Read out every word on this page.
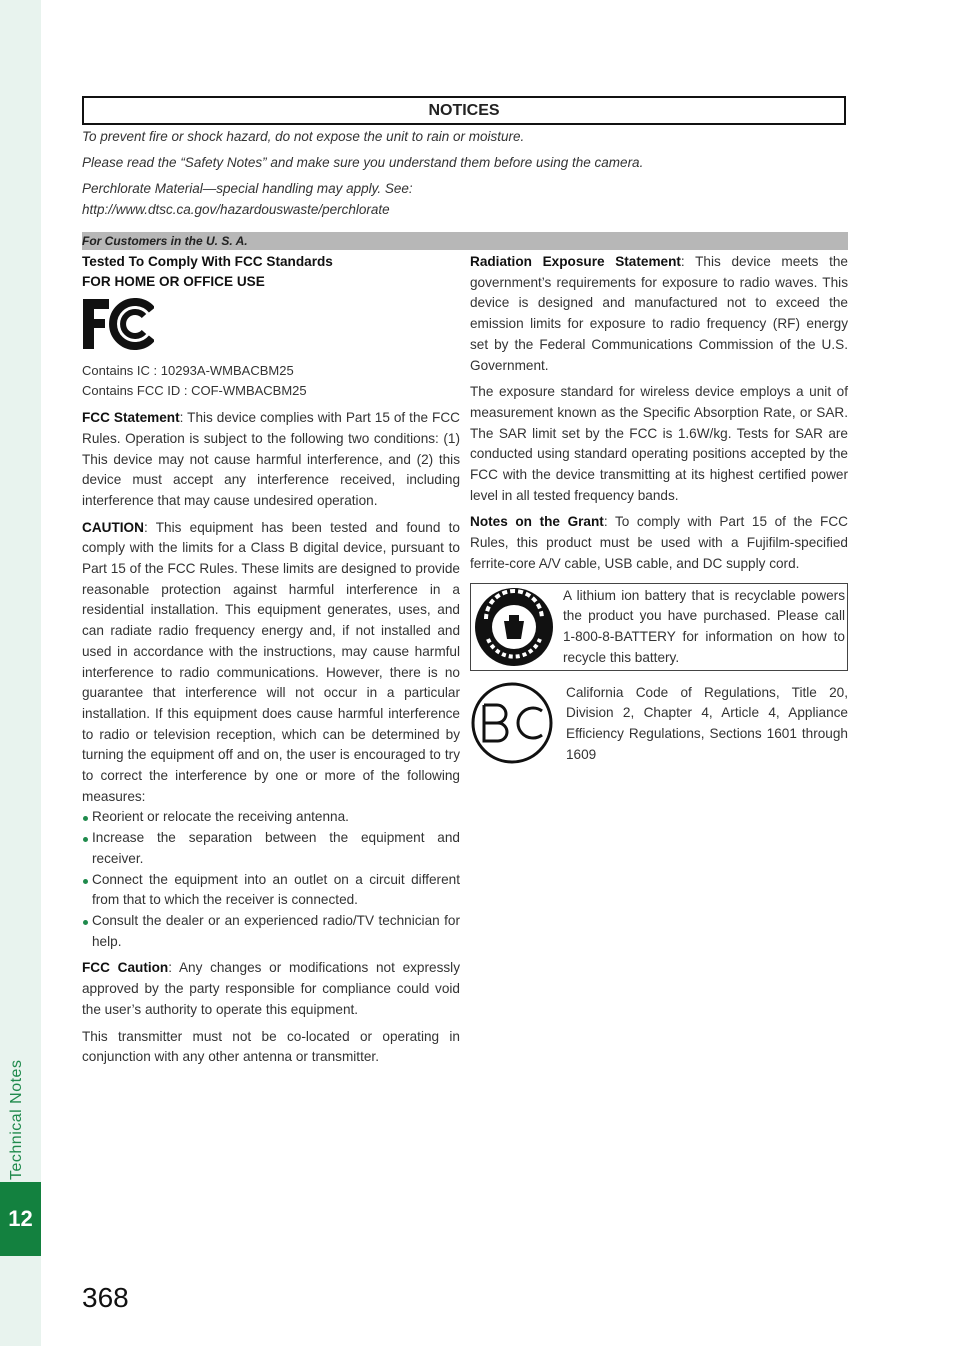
Technical Notes
12
368
NOTICES
To prevent fire or shock hazard, do not expose the unit to rain or moisture.
Please read the “Safety Notes” and make sure you understand them before using the camera.
Perchlorate Material—special handling may apply. See:
http://www.dtsc.ca.gov/hazardouswaste/perchlorate
For Customers in the U. S. A.
Tested To Comply With FCC Standards
FOR HOME OR OFFICE USE
Contains IC : 10293A-WMBACBM25
Contains FCC ID : COF-WMBACBM25

FCC Statement: This device complies with Part 15 of the FCC Rules. Operation is subject to the following two conditions: (1) This device may not cause harmful interference, and (2) this device must accept any interference received, including interference that may cause undesired operation.

CAUTION: This equipment has been tested and found to comply with the limits for a Class B digital device, pursuant to Part 15 of the FCC Rules. These limits are designed to provide reasonable protection against harmful interference in a residential installation. This equipment generates, uses, and can radiate radio frequency energy and, if not installed and used in accordance with the instructions, may cause harmful interference to radio communications. However, there is no guarantee that interference will not occur in a particular installation. If this equipment does cause harmful interference to radio or television reception, which can be determined by turning the equipment off and on, the user is encouraged to try to correct the interference by one or more of the following measures:

Reorient or relocate the receiving antenna.
Increase the separation between the equipment and receiver.
Connect the equipment into an outlet on a circuit different from that to which the receiver is connected.
Consult the dealer or an experienced radio/TV technician for help.

FCC Caution: Any changes or modifications not expressly approved by the party responsible for compliance could void the user’s authority to operate this equipment.

This transmitter must not be co-located or operating in conjunction with any other antenna or transmitter.

Radiation Exposure Statement: This device meets the government’s requirements for exposure to radio waves. This device is designed and manufactured not to exceed the emission limits for exposure to radio frequency (RF) energy set by the Federal Communications Commission of the U.S. Government.

The exposure standard for wireless device employs a unit of measurement known as the Specific Absorption Rate, or SAR. The SAR limit set by the FCC is 1.6W/kg. Tests for SAR are conducted using standard operating positions accepted by the FCC with the device transmitting at its highest certified power level in all tested frequency bands.

Notes on the Grant: To comply with Part 15 of the FCC Rules, this product must be used with a Fujifilm-specified ferrite-core A/V cable, USB cable, and DC supply cord.

A lithium ion battery that is recyclable powers the product you have purchased. Please call 1-800-8-BATTERY for information on how to recycle this battery.
California Code of Regulations, Title 20, Division 2, Chapter 4, Article 4, Appliance Efficiency Regulations, Sections 1601 through 1609
